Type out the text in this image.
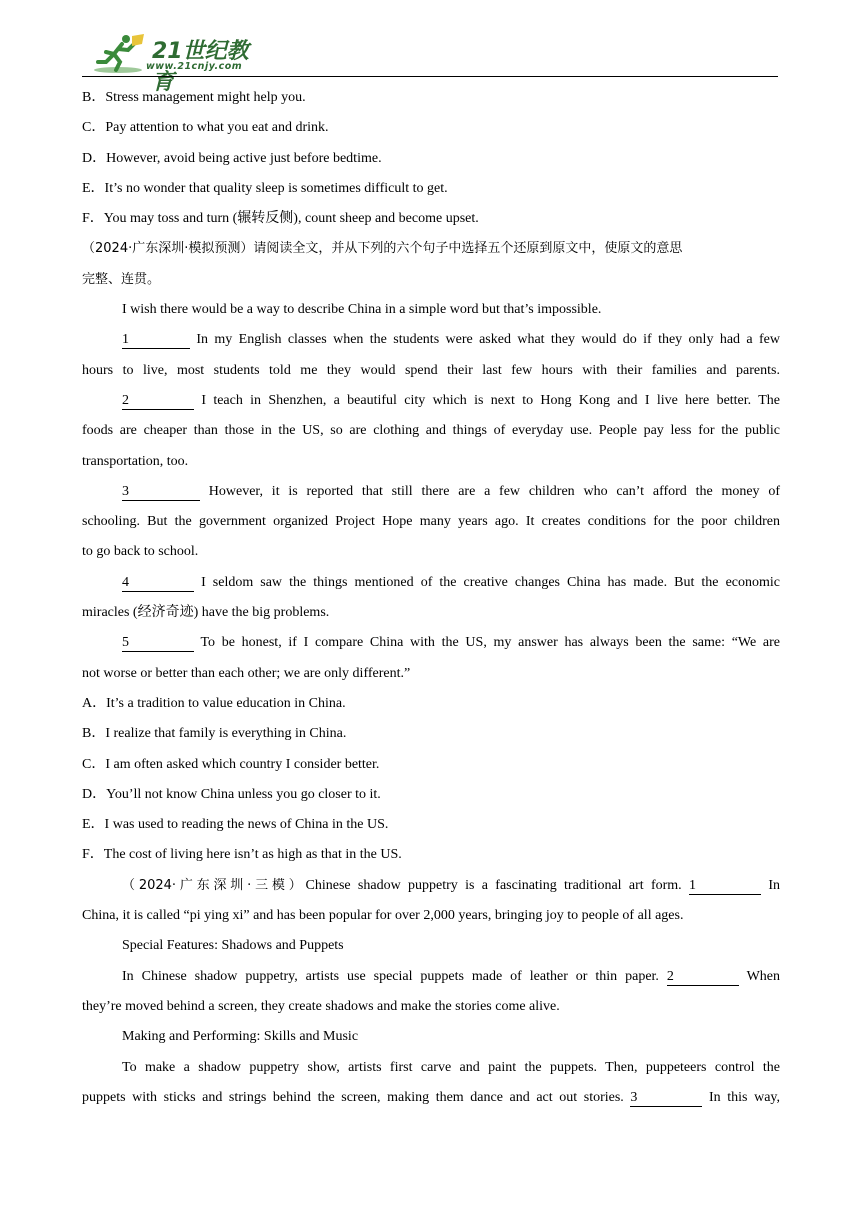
21世纪教育
www.21cnjy.com
B．Stress management might help you.
C．Pay attention to what you eat and drink.
D．However, avoid being active just before bedtime.
E．It’s no wonder that quality sleep is sometimes difficult to get.
F．You may toss and turn (辗转反侧), count sheep and become upset.
（2024·广东深圳·模拟预测）请阅读全文，并从下列的六个句子中选择五个还原到原文中，使原文的意思
完整、连贯。
I wish there would be a way to describe China in a simple word but that’s impossible.
1	In my English classes when the students were asked what they would do if they only had a few
hours to live, most students told me they would spend their last few hours with their families and parents.
2	I teach in Shenzhen, a beautiful city which is next to Hong Kong and I live here better. The
foods are cheaper than those in the US, so are clothing and things of everyday use. People pay less for the public
transportation, too.
3	However, it is reported that still there are a few children who can’t afford the money of
schooling. But the government organized Project Hope many years ago. It creates conditions for the poor children
to go back to school.
4	I seldom saw the things mentioned of the creative changes China has made. But the economic
miracles (经济奇迹) have the big problems.
5	To be honest, if I compare China with the US, my answer has always been the same: “We are
not worse or better than each other; we are only different.”
A．It’s a tradition to value education in China.
B．I realize that family is everything in China.
C．I am often asked which country I consider better.
D．You’ll not know China unless you go closer to it.
E．I was used to reading the news of China in the US.
F．The cost of living here isn’t as high as that in the US.
（2024·广东深圳·三模）Chinese shadow puppetry is a fascinating traditional art form. 1	In
China, it is called “pi ying xi” and has been popular for over 2,000 years, bringing joy to people of all ages.
Special Features: Shadows and Puppets
In Chinese shadow puppetry, artists use special puppets made of leather or thin paper. 2	When
they’re moved behind a screen, they create shadows and make the stories come alive.
Making and Performing: Skills and Music
To make a shadow puppetry show, artists first carve and paint the puppets. Then, puppeteers control the
puppets with sticks and strings behind the screen, making them dance and act out stories. 3	In this way,
